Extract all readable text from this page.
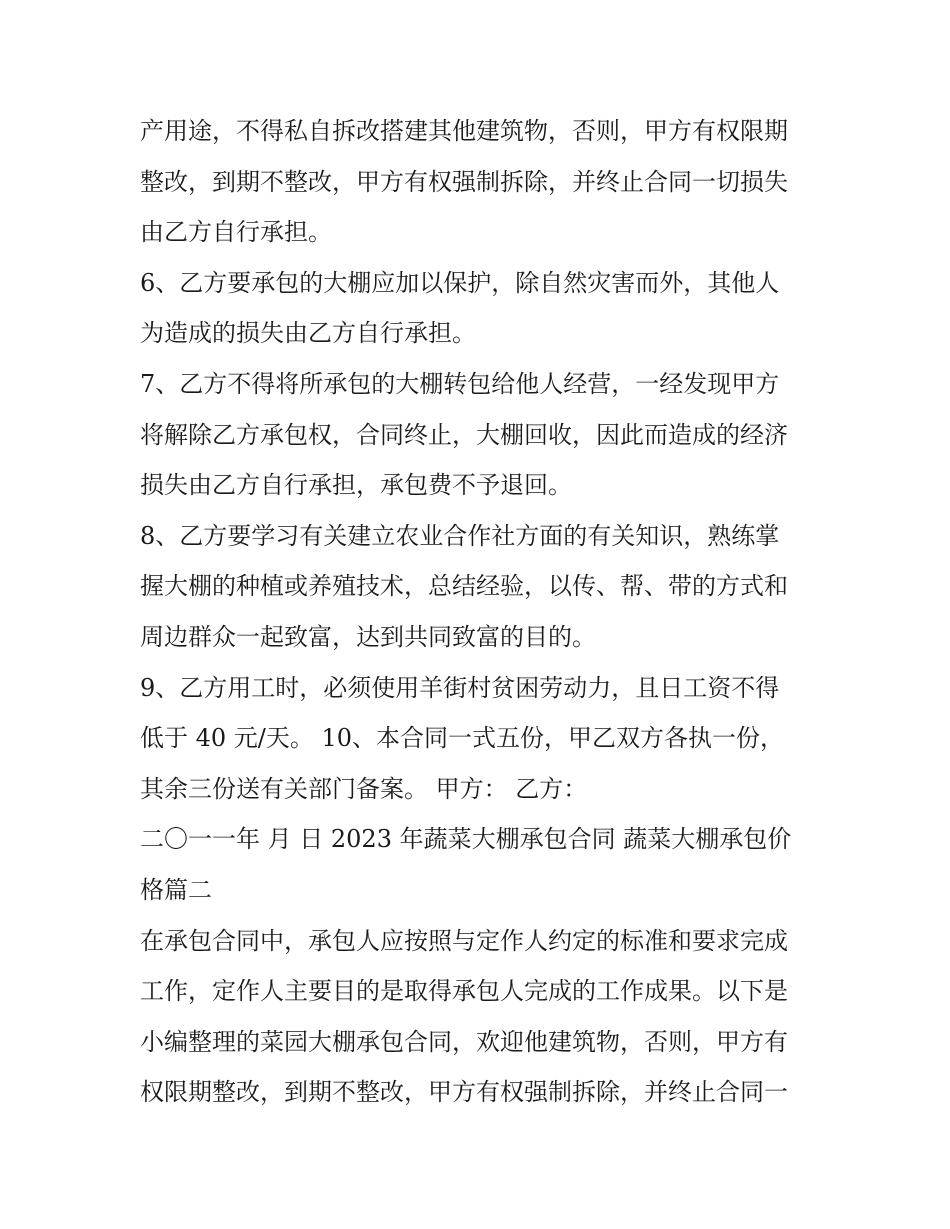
产用途，不得私自拆改搭建其他建筑物，否则，甲方有权限期
整改，到期不整改，甲方有权强制拆除，并终止合同一切损失
由乙方自行承担。
6、乙方要承包的大棚应加以保护，除自然灾害而外，其他人
为造成的损失由乙方自行承担。
7、乙方不得将所承包的大棚转包给他人经营，一经发现甲方
将解除乙方承包权，合同终止，大棚回收，因此而造成的经济
损失由乙方自行承担，承包费不予退回。
8、乙方要学习有关建立农业合作社方面的有关知识，熟练掌
握大棚的种植或养殖技术，总结经验，以传、帮、带的方式和
周边群众一起致富，达到共同致富的目的。
9、乙方用工时，必须使用羊街村贫困劳动力，且日工资不得
低于 40 元/天。 10、本合同一式五份，甲乙双方各执一份，
其余三份送有关部门备案。 甲方： 乙方：
二〇一一年 月 日 2023 年蔬菜大棚承包合同 蔬菜大棚承包价
格篇二
在承包合同中，承包人应按照与定作人约定的标准和要求完成
工作，定作人主要目的是取得承包人完成的工作成果。以下是
小编整理的菜园大棚承包合同，欢迎他建筑物，否则，甲方有
权限期整改，到期不整改，甲方有权强制拆除，并终止合同一
